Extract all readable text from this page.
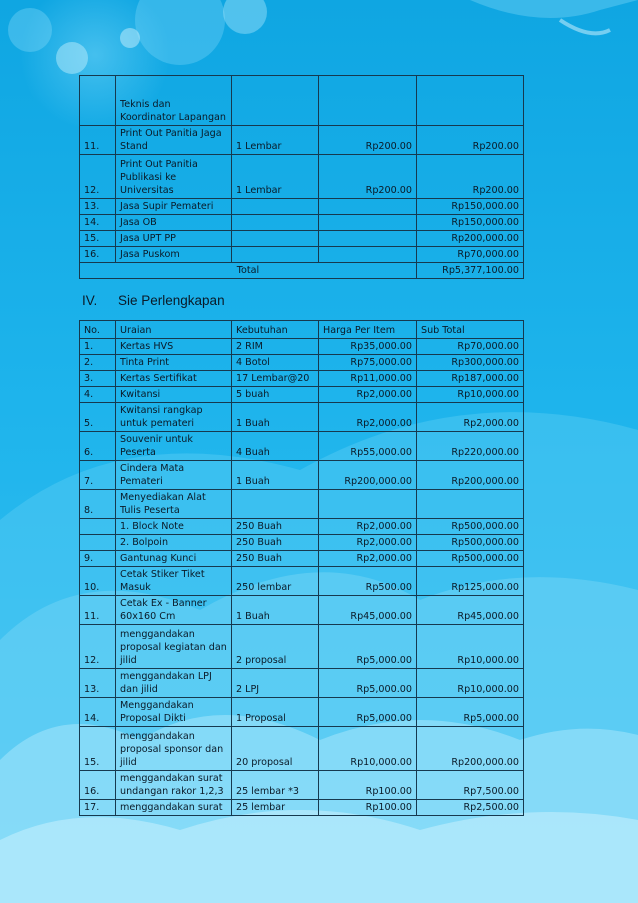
	Teknis dan Koordinator Lapangan			
11.	Print Out Panitia Jaga Stand	1 Lembar	Rp200.00	Rp200.00
12.	Print Out Panitia Publikasi ke Universitas	1 Lembar	Rp200.00	Rp200.00
13.	Jasa Supir Pemateri			Rp150,000.00
14.	Jasa OB			Rp150,000.00
15.	Jasa UPT PP			Rp200,000.00
16.	Jasa Puskom			Rp70,000.00
Total				Rp5,377,100.00
IV. Sie Perlengkapan
No.	Uraian	Kebutuhan	Harga Per Item	Sub Total
1.	Kertas HVS	2 RIM	Rp35,000.00	Rp70,000.00
2.	Tinta Print	4 Botol	Rp75,000.00	Rp300,000.00
3.	Kertas Sertifikat	17 Lembar@20	Rp11,000.00	Rp187,000.00
4.	Kwitansi	5 buah	Rp2,000.00	Rp10,000.00
5.	Kwitansi rangkap untuk pemateri	1 Buah	Rp2,000.00	Rp2,000.00
6.	Souvenir untuk Peserta	4 Buah	Rp55,000.00	Rp220,000.00
7.	Cindera Mata Pemateri	1 Buah	Rp200,000.00	Rp200,000.00
8.	Menyediakan Alat Tulis Peserta			
	1. Block Note	250 Buah	Rp2,000.00	Rp500,000.00
	2. Bolpoin	250 Buah	Rp2,000.00	Rp500,000.00
9.	Gantunag Kunci	250 Buah	Rp2,000.00	Rp500,000.00
10.	Cetak Stiker Tiket Masuk	250 lembar	Rp500.00	Rp125,000.00
11.	Cetak Ex - Banner 60x160 Cm	1 Buah	Rp45,000.00	Rp45,000.00
12.	menggandakan proposal kegiatan dan jilid	2 proposal	Rp5,000.00	Rp10,000.00
13.	menggandakan LPJ dan jilid	2 LPJ	Rp5,000.00	Rp10,000.00
14.	Menggandakan Proposal Dikti	1 Proposal	Rp5,000.00	Rp5,000.00
15.	menggandakan proposal sponsor dan jilid	20 proposal	Rp10,000.00	Rp200,000.00
16.	menggandakan surat undangan rakor 1,2,3	25 lembar *3	Rp100.00	Rp7,500.00
17.	menggandakan surat	25 lembar	Rp100.00	Rp2,500.00
